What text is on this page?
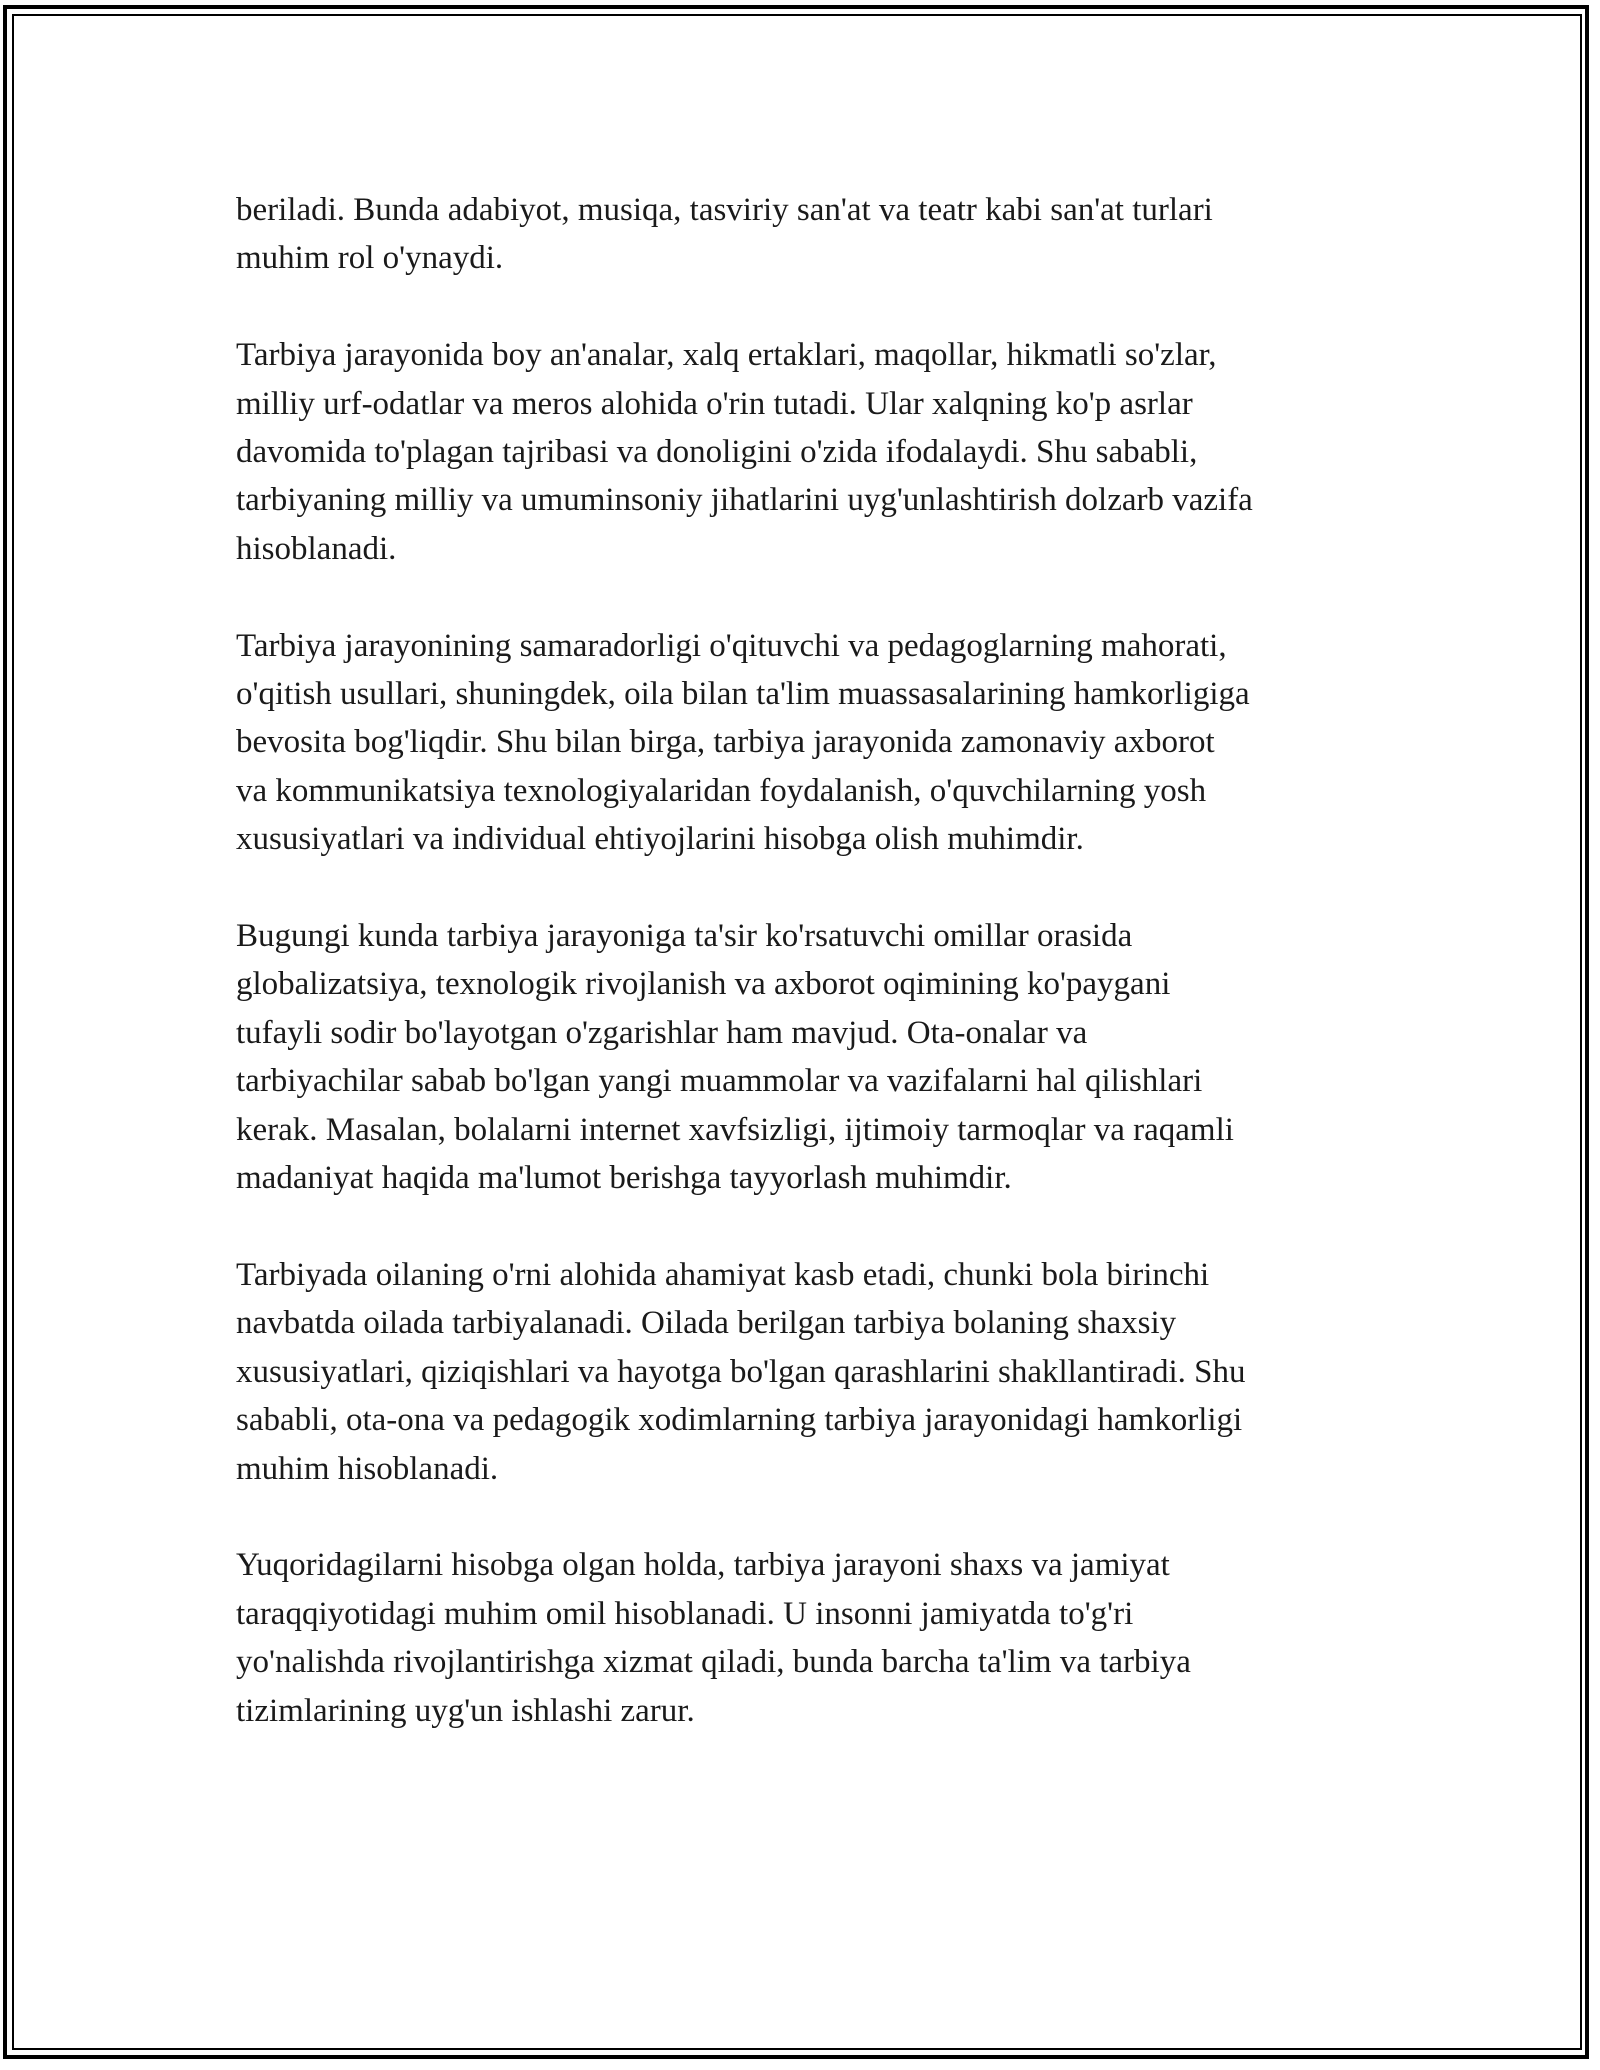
beriladi. Bunda adabiyot, musiqa, tasviriy san'at va teatr kabi san'at turlari
muhim rol o'ynaydi.

Tarbiya jarayonida boy an'analar, xalq ertaklari, maqollar, hikmatli so'zlar,
milliy urf-odatlar va meros alohida o'rin tutadi. Ular xalqning ko'p asrlar
davomida to'plagan tajribasi va donoligini o'zida ifodalaydi. Shu sababli,
tarbiyaning milliy va umuminsoniy jihatlarini uyg'unlashtirish dolzarb vazifa
hisoblanadi.

Tarbiya jarayonining samaradorligi o'qituvchi va pedagoglarning mahorati,
o'qitish usullari, shuningdek, oila bilan ta'lim muassasalarining hamkorligiga
bevosita bog'liqdir. Shu bilan birga, tarbiya jarayonida zamonaviy axborot
va kommunikatsiya texnologiyalaridan foydalanish, o'quvchilarning yosh
xususiyatlari va individual ehtiyojlarini hisobga olish muhimdir.

Bugungi kunda tarbiya jarayoniga ta'sir ko'rsatuvchi omillar orasida
globalizatsiya, texnologik rivojlanish va axborot oqimining ko'paygani
tufayli sodir bo'layotgan o'zgarishlar ham mavjud. Ota-onalar va
tarbiyachilar sabab bo'lgan yangi muammolar va vazifalarni hal qilishlari
kerak. Masalan, bolalarni internet xavfsizligi, ijtimoiy tarmoqlar va raqamli
madaniyat haqida ma'lumot berishga tayyorlash muhimdir.

Tarbiyada oilaning o'rni alohida ahamiyat kasb etadi, chunki bola birinchi
navbatda oilada tarbiyalanadi. Oilada berilgan tarbiya bolaning shaxsiy
xususiyatlari, qiziqishlari va hayotga bo'lgan qarashlarini shakllantiradi. Shu
sababli, ota-ona va pedagogik xodimlarning tarbiya jarayonidagi hamkorligi
muhim hisoblanadi.

Yuqoridagilarni hisobga olgan holda, tarbiya jarayoni shaxs va jamiyat
taraqqiyotidagi muhim omil hisoblanadi. U insonni jamiyatda to'g'ri
yo'nalishda rivojlantirishga xizmat qiladi, bunda barcha ta'lim va tarbiya
tizimlarining uyg'un ishlashi zarur.
